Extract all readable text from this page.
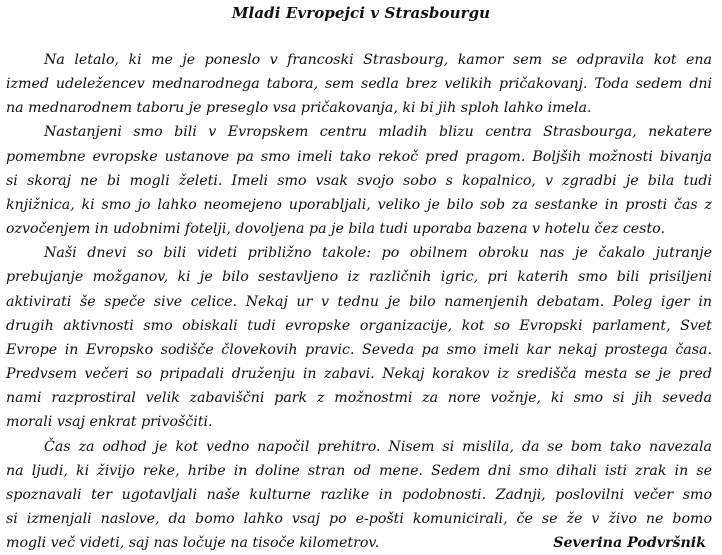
Mladi Evropejci v Strasbourgu
Na letalo, ki me je poneslo v francoski Strasbourg, kamor sem se odpravila kot ena
izmed udeležencev mednarodnega tabora, sem sedla brez velikih pričakovanj. Toda sedem dni
na mednarodnem taboru je preseglo vsa pričakovanja, ki bi jih sploh lahko imela.
Nastanjeni smo bili v Evropskem centru mladih blizu centra Strasbourga, nekatere
pomembne evropske ustanove pa smo imeli tako rekoč pred pragom. Boljših možnosti bivanja
si skoraj ne bi mogli želeti. Imeli smo vsak svojo sobo s kopalnico, v zgradbi je bila tudi
knjižnica, ki smo jo lahko neomejeno uporabljali, veliko je bilo sob za sestanke in prosti čas z
ozvočenjem in udobnimi fotelji, dovoljena pa je bila tudi uporaba bazena v hotelu čez cesto.
Naši dnevi so bili videti približno takole: po obilnem obroku nas je čakalo jutranje
prebujanje možganov, ki je bilo sestavljeno iz različnih igric, pri katerih smo bili prisiljeni
aktivirati še speče sive celice. Nekaj ur v tednu je bilo namenjenih debatam. Poleg iger in
drugih aktivnosti smo obiskali tudi evropske organizacije, kot so Evropski parlament, Svet
Evrope in Evropsko sodišče človekovih pravic. Seveda pa smo imeli kar nekaj prostega časa.
Predvsem večeri so pripadali druženju in zabavi. Nekaj korakov iz središča mesta se je pred
nami razprostiral velik zabaviščni park z možnostmi za nore vožnje, ki smo si jih seveda
morali vsaj enkrat privoščiti.
Čas za odhod je kot vedno napočil prehitro. Nisem si mislila, da se bom tako navezala
na ljudi, ki živijo reke, hribe in doline stran od mene. Sedem dni smo dihali isti zrak in se
spoznavali ter ugotavljali naše kulturne razlike in podobnosti. Zadnji, poslovilni večer smo
si izmenjali naslove, da bomo lahko vsaj po e-pošti komunicirali, če se že v živo ne bomo
mogli več videti, saj nas ločuje na tisoče kilometrov.	Severina Podvršnik
